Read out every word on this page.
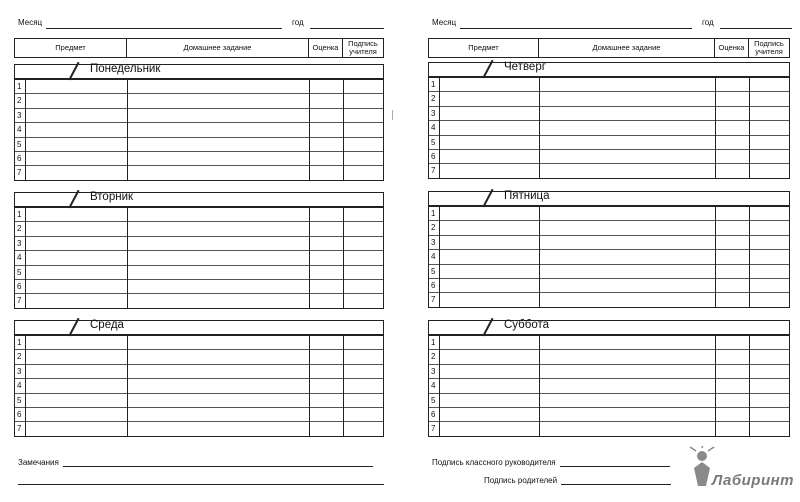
Месяц	год
Предмет	Домашнее задание	Оценка	Подпись учителя
Понедельник
1
2
3
4
5
6
7
Вторник
1
2
3
4
5
6
7
Среда
1
2
3
4
5
6
7
Замечания
Месяц	год
Предмет	Домашнее задание	Оценка	Подпись учителя
Четверг
1
2
3
4
5
6
7
Пятница
1
2
3
4
5
6
7
Суббота
1
2
3
4
5
6
7
Подпись классного руководителя
Подпись родителей	Лабиринт
